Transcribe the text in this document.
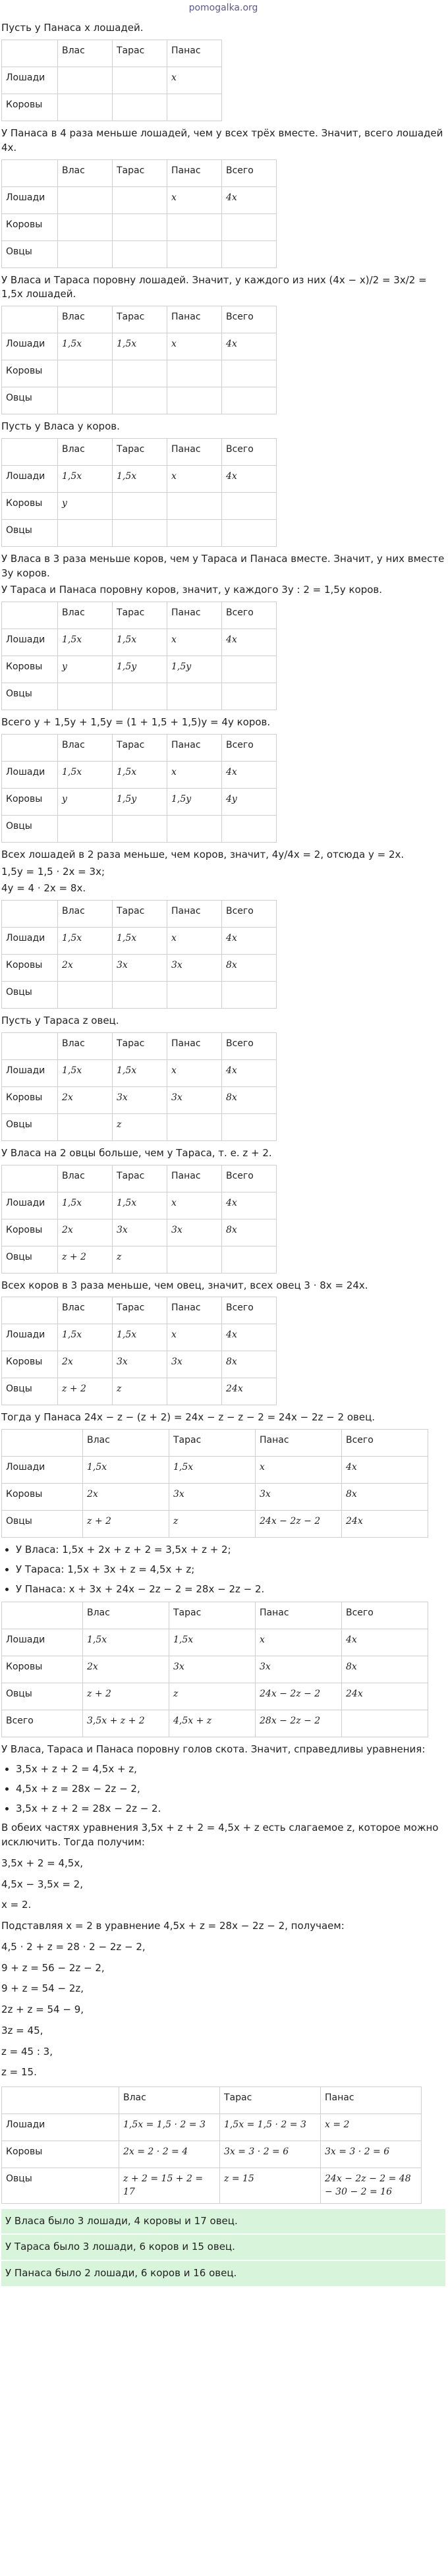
pomogalka.org

Пусть у Панаса x лошадей.

	Влас	Тарас	Панас
Лошади			x
Коровы			

У Панаса в 4 раза меньше лошадей, чем у всех трёх вместе. Значит, всего лошадей 4x.

	Влас	Тарас	Панас	Всего
Лошади			x	4x
Коровы				
Овцы				

У Власа и Тараса поровну лошадей. Значит, у каждого из них (4x − x)/2 = 3x/2 = 1,5x лошадей.

	Влас	Тарас	Панас	Всего
Лошади	1,5x	1,5x	x	4x
Коровы				
Овцы				

Пусть у Власа y коров.

	Влас	Тарас	Панас	Всего
Лошади	1,5x	1,5x	x	4x
Коровы	y			
Овцы				

У Власа в 3 раза меньше коров, чем у Тараса и Панаса вместе. Значит, у них вместе 3y коров.

У Тараса и Панаса поровну коров, значит, у каждого 3y : 2 = 1,5y коров.

	Влас	Тарас	Панас	Всего
Лошади	1,5x	1,5x	x	4x
Коровы	y	1,5y	1,5y	
Овцы				

Всего y + 1,5y + 1,5y = (1 + 1,5 + 1,5)y = 4y коров.

	Влас	Тарас	Панас	Всего
Лошади	1,5x	1,5x	x	4x
Коровы	y	1,5y	1,5y	4y
Овцы				

Всех лошадей в 2 раза меньше, чем коров, значит, 4y/4x = 2, отсюда y = 2x.

1,5y = 1,5 · 2x = 3x;

4y = 4 · 2x = 8x.

	Влас	Тарас	Панас	Всего
Лошади	1,5x	1,5x	x	4x
Коровы	2x	3x	3x	8x
Овцы				

Пусть у Тараса z овец.

	Влас	Тарас	Панас	Всего
Лошади	1,5x	1,5x	x	4x
Коровы	2x	3x	3x	8x
Овцы		z		

У Власа на 2 овцы больше, чем у Тараса, т. е. z + 2.

	Влас	Тарас	Панас	Всего
Лошади	1,5x	1,5x	x	4x
Коровы	2x	3x	3x	8x
Овцы	z + 2	z		

Всех коров в 3 раза меньше, чем овец, значит, всех овец 3 · 8x = 24x.

	Влас	Тарас	Панас	Всего
Лошади	1,5x	1,5x	x	4x
Коровы	2x	3x	3x	8x
Овцы	z + 2	z		24x

Тогда у Панаса 24x − z − (z + 2) = 24x − z − z − 2 = 24x − 2z − 2 овец.

	Влас	Тарас	Панас	Всего
Лошади	1,5x	1,5x	x	4x
Коровы	2x	3x	3x	8x
Овцы	z + 2	z	24x − 2z − 2	24x
• У Власа: 1,5x + 2x + z + 2 = 3,5x + z + 2;
• У Тараса: 1,5x + 3x + z = 4,5x + z;
• У Панаса: x + 3x + 24x − 2z − 2 = 28x − 2z − 2.
	Влас	Тарас	Панас	Всего
Лошади	1,5x	1,5x	x	4x
Коровы	2x	3x	3x	8x
Овцы	z + 2	z	24x − 2z − 2	24x
Всего	3,5x + z + 2	4,5x + z	28x − 2z − 2	

У Власа, Тараса и Панаса поровну голов скота. Значит, справедливы уравнения:

• 3,5x + z + 2 = 4,5x + z,
• 4,5x + z = 28x − 2z − 2,
• 3,5x + z + 2 = 28x − 2z − 2.

В обеих частях уравнения 3,5x + z + 2 = 4,5x + z есть слагаемое z, которое можно исключить. Тогда получим:

3,5x + 2 = 4,5x,

4,5x − 3,5x = 2,

x = 2.

Подставляя x = 2 в уравнение 4,5x + z = 28x − 2z − 2, получаем:

4,5 · 2 + z = 28 · 2 − 2z − 2,

9 + z = 56 − 2z − 2,

9 + z = 54 − 2z,

2z + z = 54 − 9,

3z = 45,

z = 45 : 3,

z = 15.

	Влас	Тарас	Панас
Лошади	1,5x = 1,5 · 2 = 3	1,5x = 1,5 · 2 = 3	x = 2
Коровы	2x = 2 · 2 = 4	3x = 3 · 2 = 6	3x = 3 · 2 = 6
Овцы	z + 2 = 15 + 2 = 17	z = 15	24x − 2z − 2 = 48 − 30 − 2 = 16
У Власа было 3 лошади, 4 коровы и 17 овец.
У Тараса было 3 лошади, 6 коров и 15 овец.
У Панаса было 2 лошади, 6 коров и 16 овец.
